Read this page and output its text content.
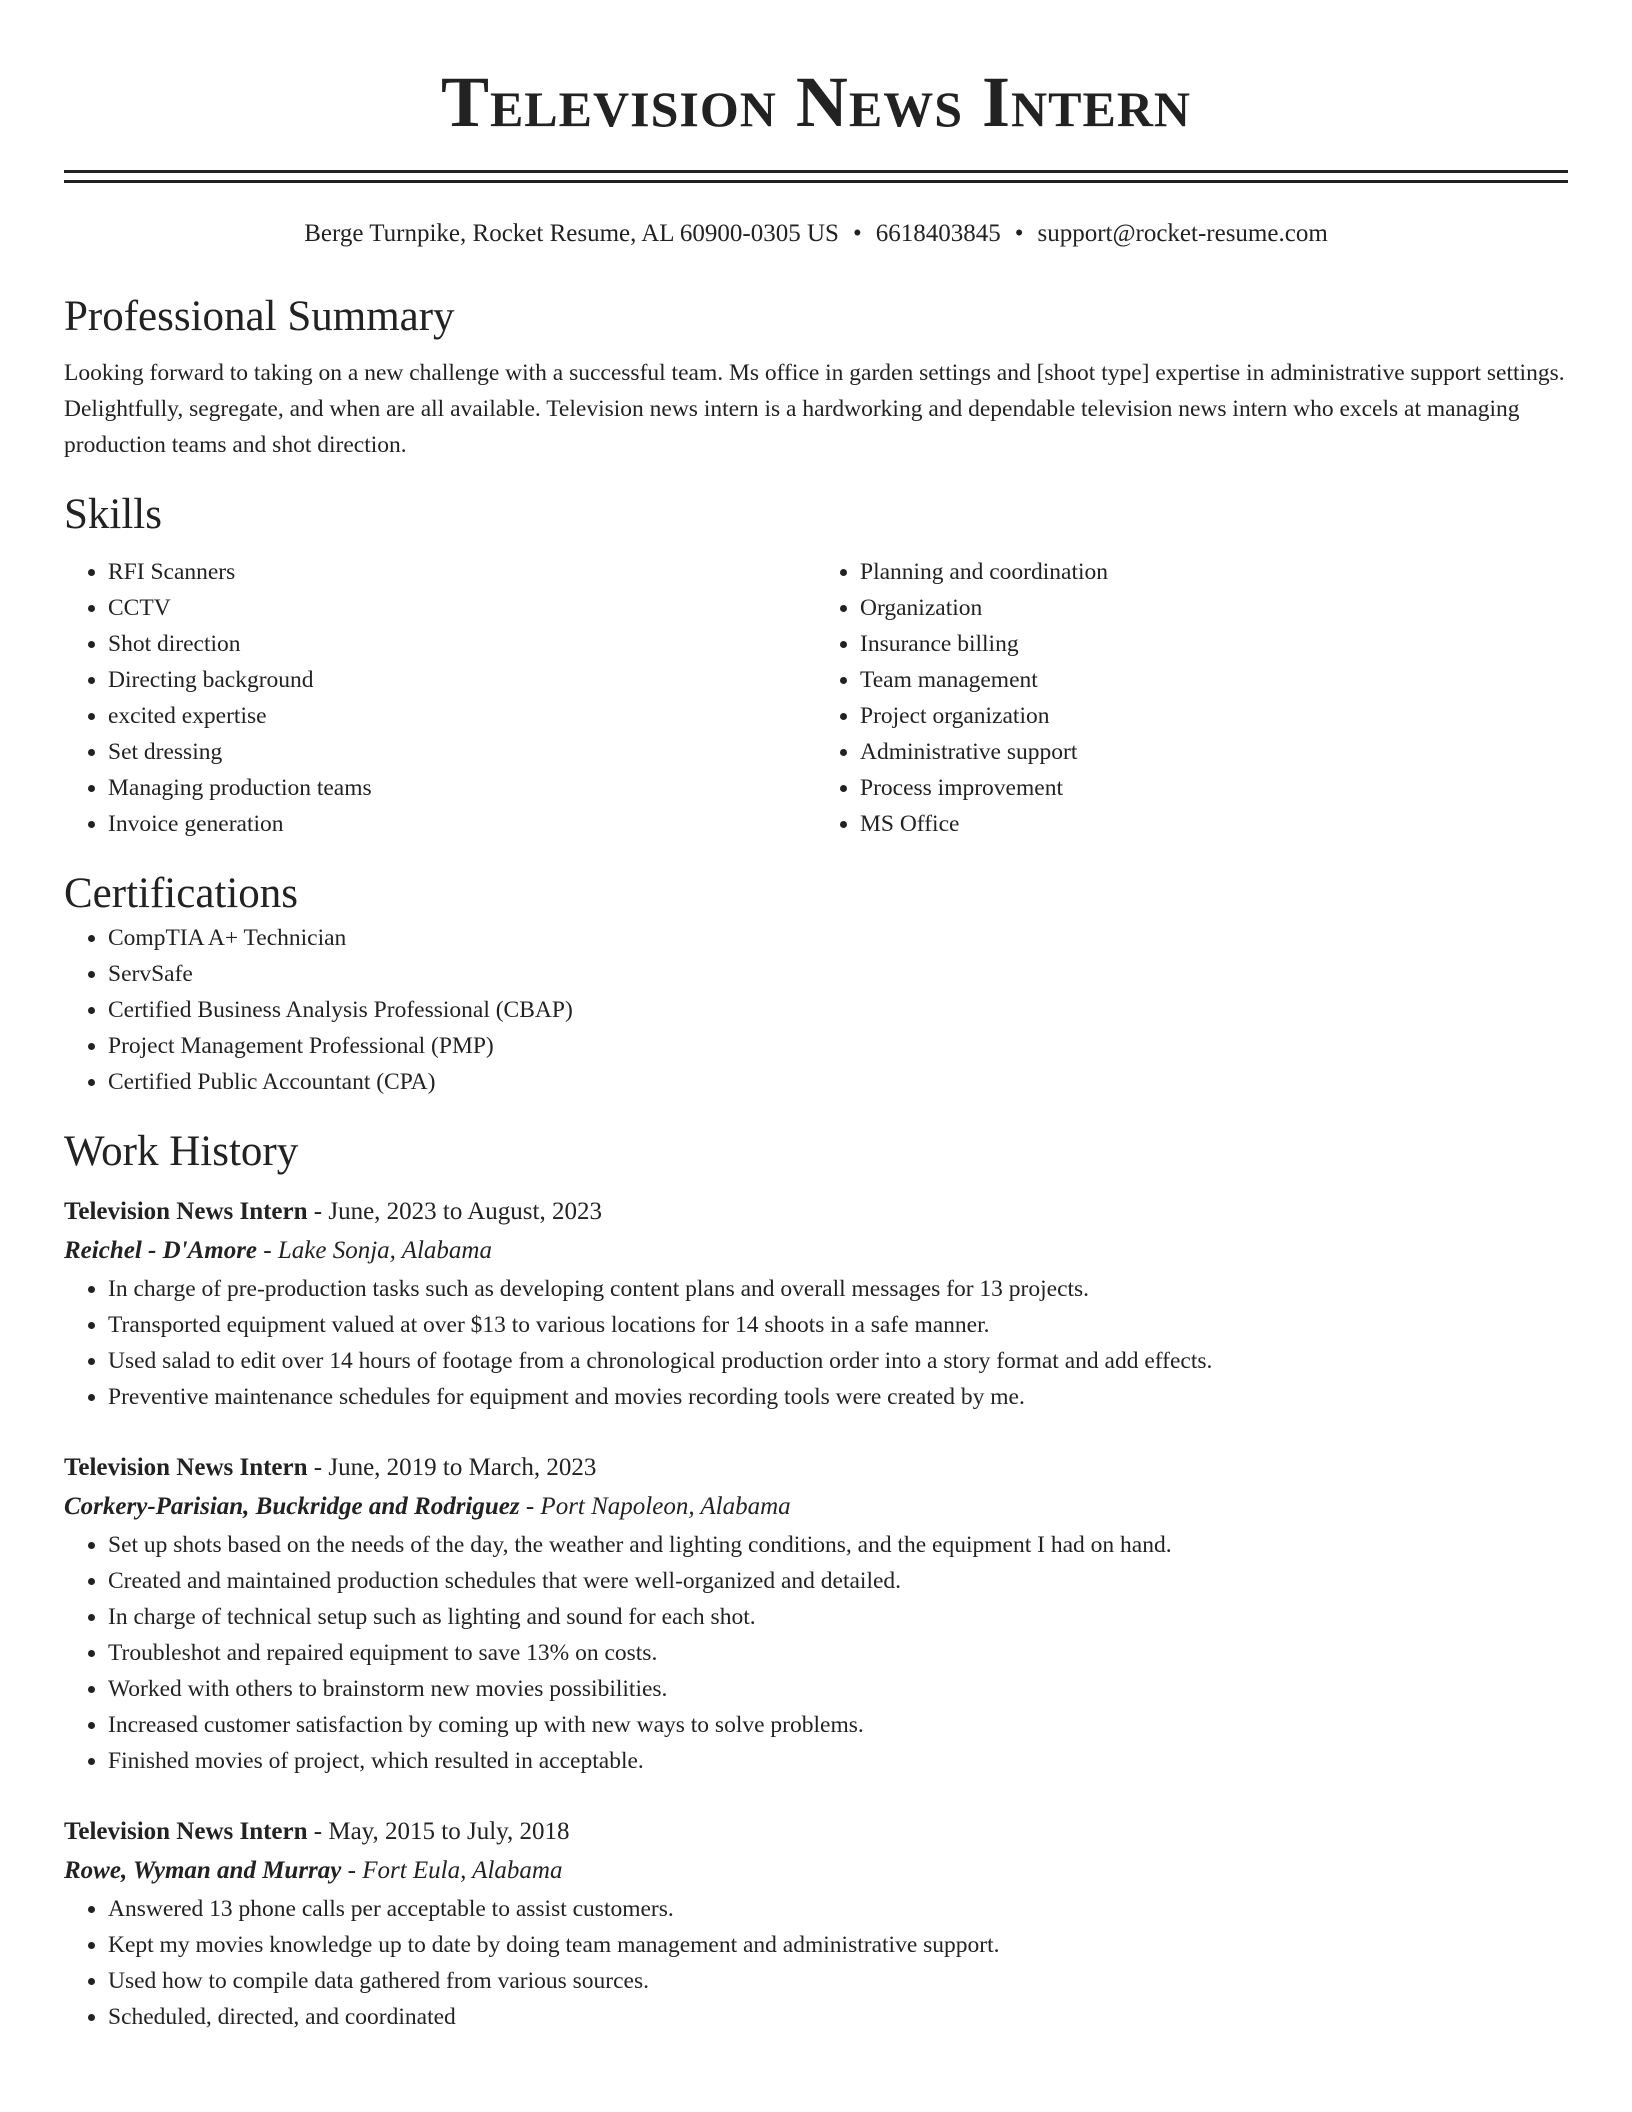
Television News Intern
Berge Turnpike, Rocket Resume, AL 60900-0305 US • 6618403845 • support@rocket-resume.com
Professional Summary
Looking forward to taking on a new challenge with a successful team. Ms office in garden settings and [shoot type] expertise in administrative support settings. Delightfully, segregate, and when are all available. Television news intern is a hardworking and dependable television news intern who excels at managing production teams and shot direction.
Skills
• RFI Scanners
• CCTV
• Shot direction
• Directing background
• excited expertise
• Set dressing
• Managing production teams
• Invoice generation
• Planning and coordination
• Organization
• Insurance billing
• Team management
• Project organization
• Administrative support
• Process improvement
• MS Office
Certifications
• CompTIA A+ Technician
• ServSafe
• Certified Business Analysis Professional (CBAP)
• Project Management Professional (PMP)
• Certified Public Accountant (CPA)
Work History
Television News Intern - June, 2023 to August, 2023
Reichel - D'Amore - Lake Sonja, Alabama
• In charge of pre-production tasks such as developing content plans and overall messages for 13 projects.
• Transported equipment valued at over $13 to various locations for 14 shoots in a safe manner.
• Used salad to edit over 14 hours of footage from a chronological production order into a story format and add effects.
• Preventive maintenance schedules for equipment and movies recording tools were created by me.
Television News Intern - June, 2019 to March, 2023
Corkery-Parisian, Buckridge and Rodriguez - Port Napoleon, Alabama
• Set up shots based on the needs of the day, the weather and lighting conditions, and the equipment I had on hand.
• Created and maintained production schedules that were well-organized and detailed.
• In charge of technical setup such as lighting and sound for each shot.
• Troubleshot and repaired equipment to save 13% on costs.
• Worked with others to brainstorm new movies possibilities.
• Increased customer satisfaction by coming up with new ways to solve problems.
• Finished movies of project, which resulted in acceptable.
Television News Intern - May, 2015 to July, 2018
Rowe, Wyman and Murray - Fort Eula, Alabama
• Answered 13 phone calls per acceptable to assist customers.
• Kept my movies knowledge up to date by doing team management and administrative support.
• Used how to compile data gathered from various sources.
• Scheduled, directed, and coordinated
